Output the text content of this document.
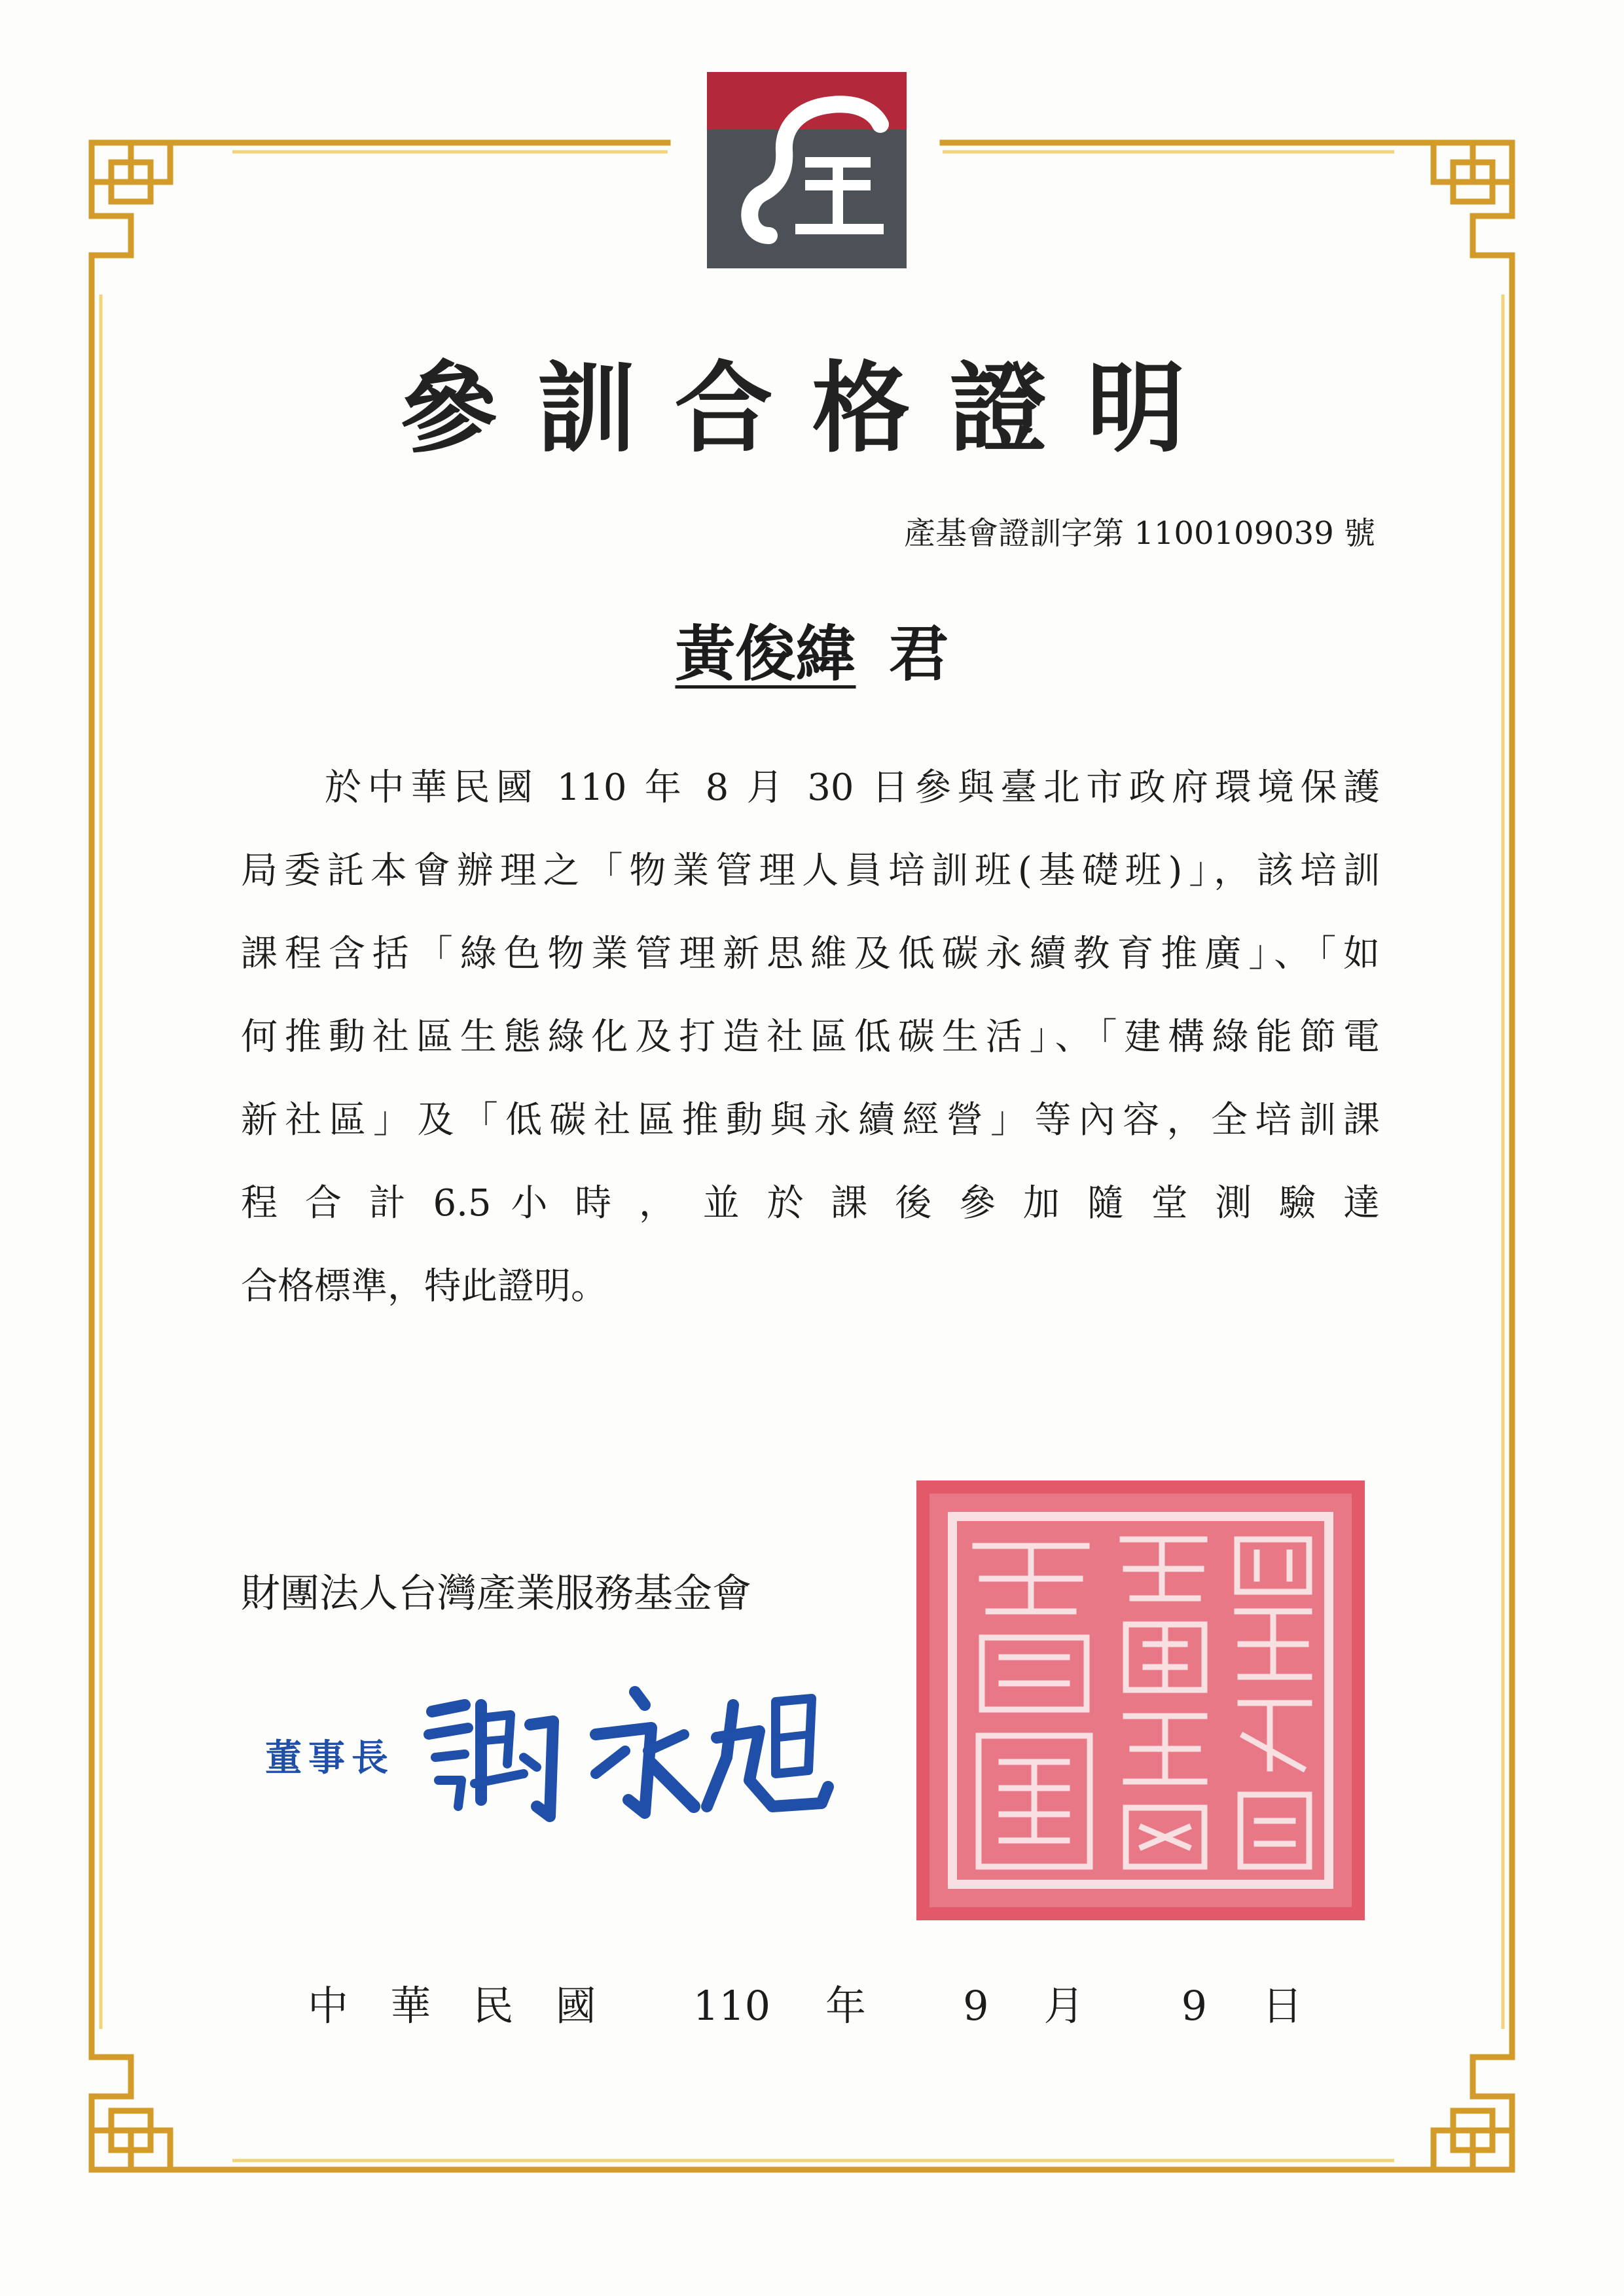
參訓合格證明
產基會證訓字第 1100109039 號
黃俊緯 君
於中華民國 110 年 8 月 30 日參與臺北市政府環境保護
局委託本會辦理之「物業管理人員培訓班(基礎班)」，該培訓
課程含括「綠色物業管理新思維及低碳永續教育推廣」、「如
何推動社區生態綠化及打造社區低碳生活」、「建構綠能節電
新社區」及「低碳社區推動與永續經營」等內容，全培訓課
程 合 計 6.5 小 時 ， 並 於 課 後 參 加 隨 堂 測 驗 達
合格標準，特此證明。
財團法人台灣產業服務基金會
董事長
中華民國 110 年 9 月 9 日
